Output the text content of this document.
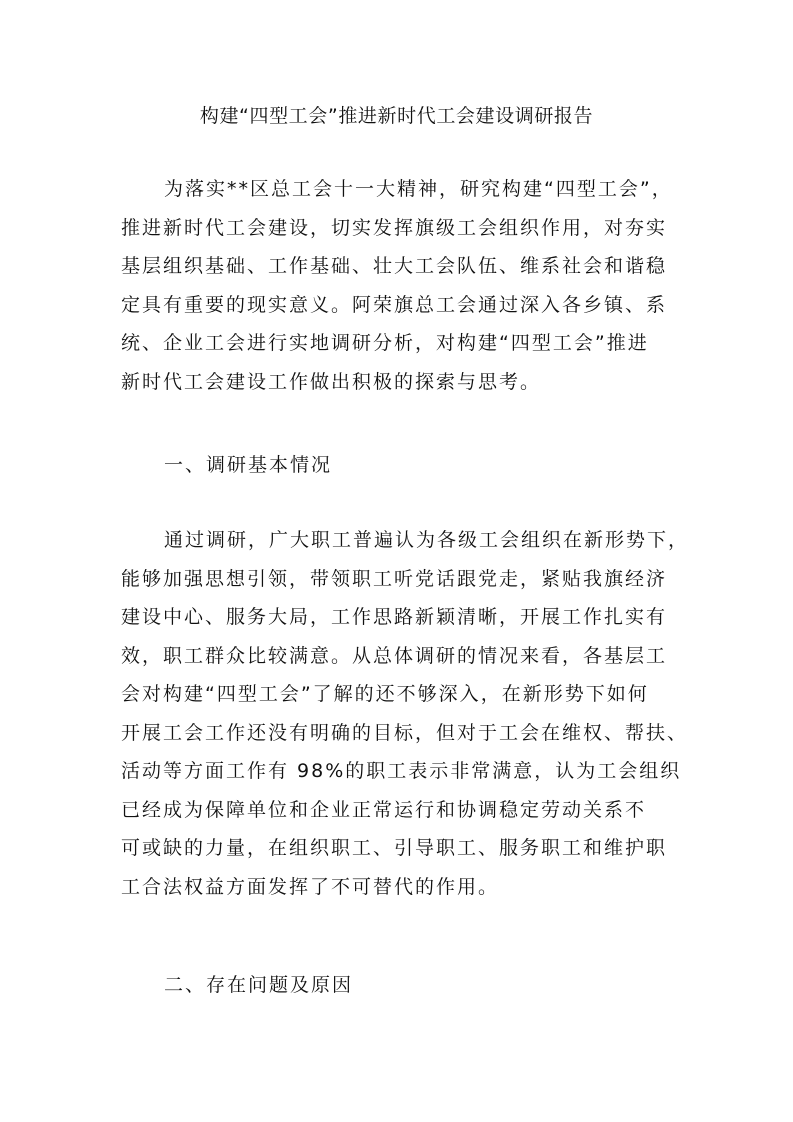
构建“四型工会”推进新时代工会建设调研报告
为落实**区总工会十一大精神，研究构建“四型工会”，
推进新时代工会建设，切实发挥旗级工会组织作用，对夯实
基层组织基础、工作基础、壮大工会队伍、维系社会和谐稳
定具有重要的现实意义。阿荣旗总工会通过深入各乡镇、系
统、企业工会进行实地调研分析，对构建“四型工会”推进
新时代工会建设工作做出积极的探索与思考。
一、调研基本情况
通过调研，广大职工普遍认为各级工会组织在新形势下，
能够加强思想引领，带领职工听党话跟党走，紧贴我旗经济
建设中心、服务大局，工作思路新颖清晰，开展工作扎实有
效，职工群众比较满意。从总体调研的情况来看，各基层工
会对构建“四型工会”了解的还不够深入，在新形势下如何
开展工会工作还没有明确的目标，但对于工会在维权、帮扶、
活动等方面工作有 98%的职工表示非常满意，认为工会组织
已经成为保障单位和企业正常运行和协调稳定劳动关系不
可或缺的力量，在组织职工、引导职工、服务职工和维护职
工合法权益方面发挥了不可替代的作用。
二、存在问题及原因
